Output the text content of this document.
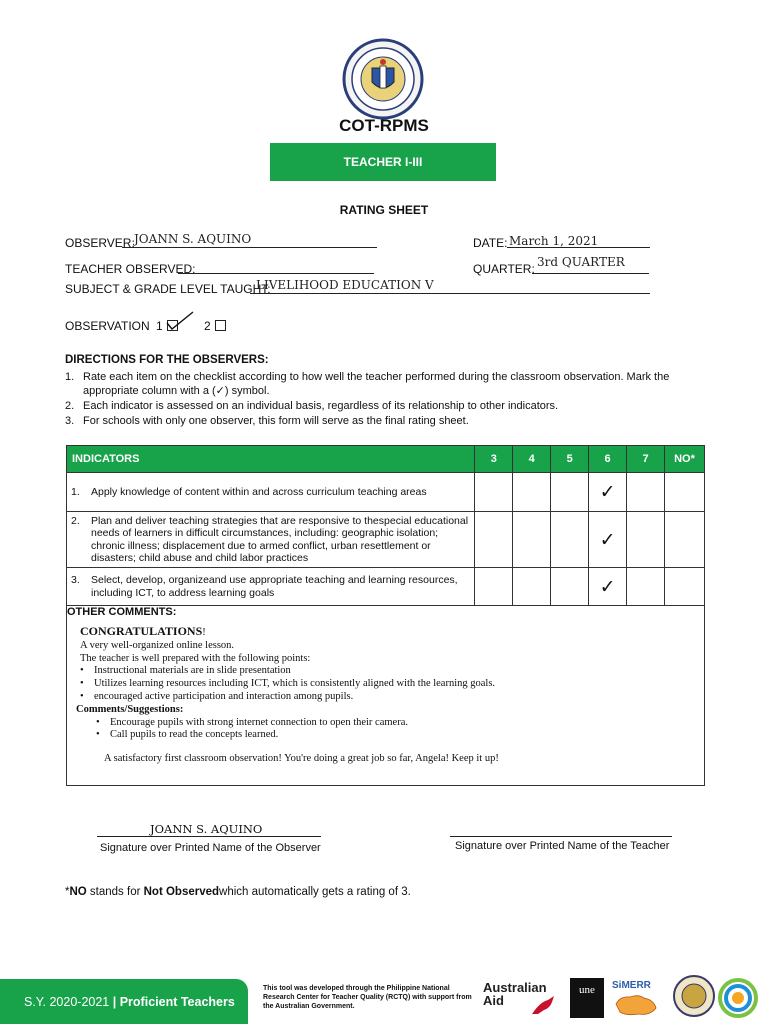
COT-RPMS
TEACHER I-III
RATING SHEET
OBSERVER: JOANN S. AQUINO	DATE: March 1, 2021
TEACHER OBSERVED:	QUARTER: 3rd QUARTER
SUBJECT & GRADE LEVEL TAUGHT:
LIVELIHOOD EDUCATION V
OBSERVATION 1	2
DIRECTIONS FOR THE OBSERVERS:
1. Rate each item on the checklist according to how well the teacher performed during the classroom observation. Mark the appropriate column with a (✓) symbol.
2. Each indicator is assessed on an individual basis, regardless of its relationship to other indicators.
3. For schools with only one observer, this form will serve as the final rating sheet.
INDICATORS	3	4	5	6	7	NO*

1. Apply knowledge of content within and across curriculum teaching areas				✓		

2. Plan and deliver teaching strategies that are responsive to thespecial educational needs of learners in difficult circumstances, including: geographic isolation; chronic illness; displacement due to armed conflict, urban resettlement or disasters; child abuse and child labor practices				✓		

3. Select, develop, organizeand use appropriate teaching and learning resources, including ICT, to address learning goals				✓		
OTHER COMMENTS:
CONGRATULATIONS!
A very well-organized online lesson.
The teacher is well prepared with the following points:
• Instructional materials are in slide presentation
• Utilizes learning resources including ICT, which is consistently aligned with the learning goals.
• encouraged active participation and interaction among pupils.
Comments/Suggestions:
• Encourage pupils with strong internet connection to open their camera.
• Call pupils to read the concepts learned.
A satisfactory first classroom observation! You're doing a great job so far, Angela! Keep it up!
JOANN S. AQUINO
Signature over Printed Name of the Observer	Signature over Printed Name of the Teacher
*NO stands for Not Observedwhich automatically gets a rating of 3.
S.Y. 2020-2021 | Proficient Teachers
This tool was developed through the Philippine National Research Center for Teacher Quality (RCTQ) with support from the Australian Government.
Australian
Aid
une	SiMERR
